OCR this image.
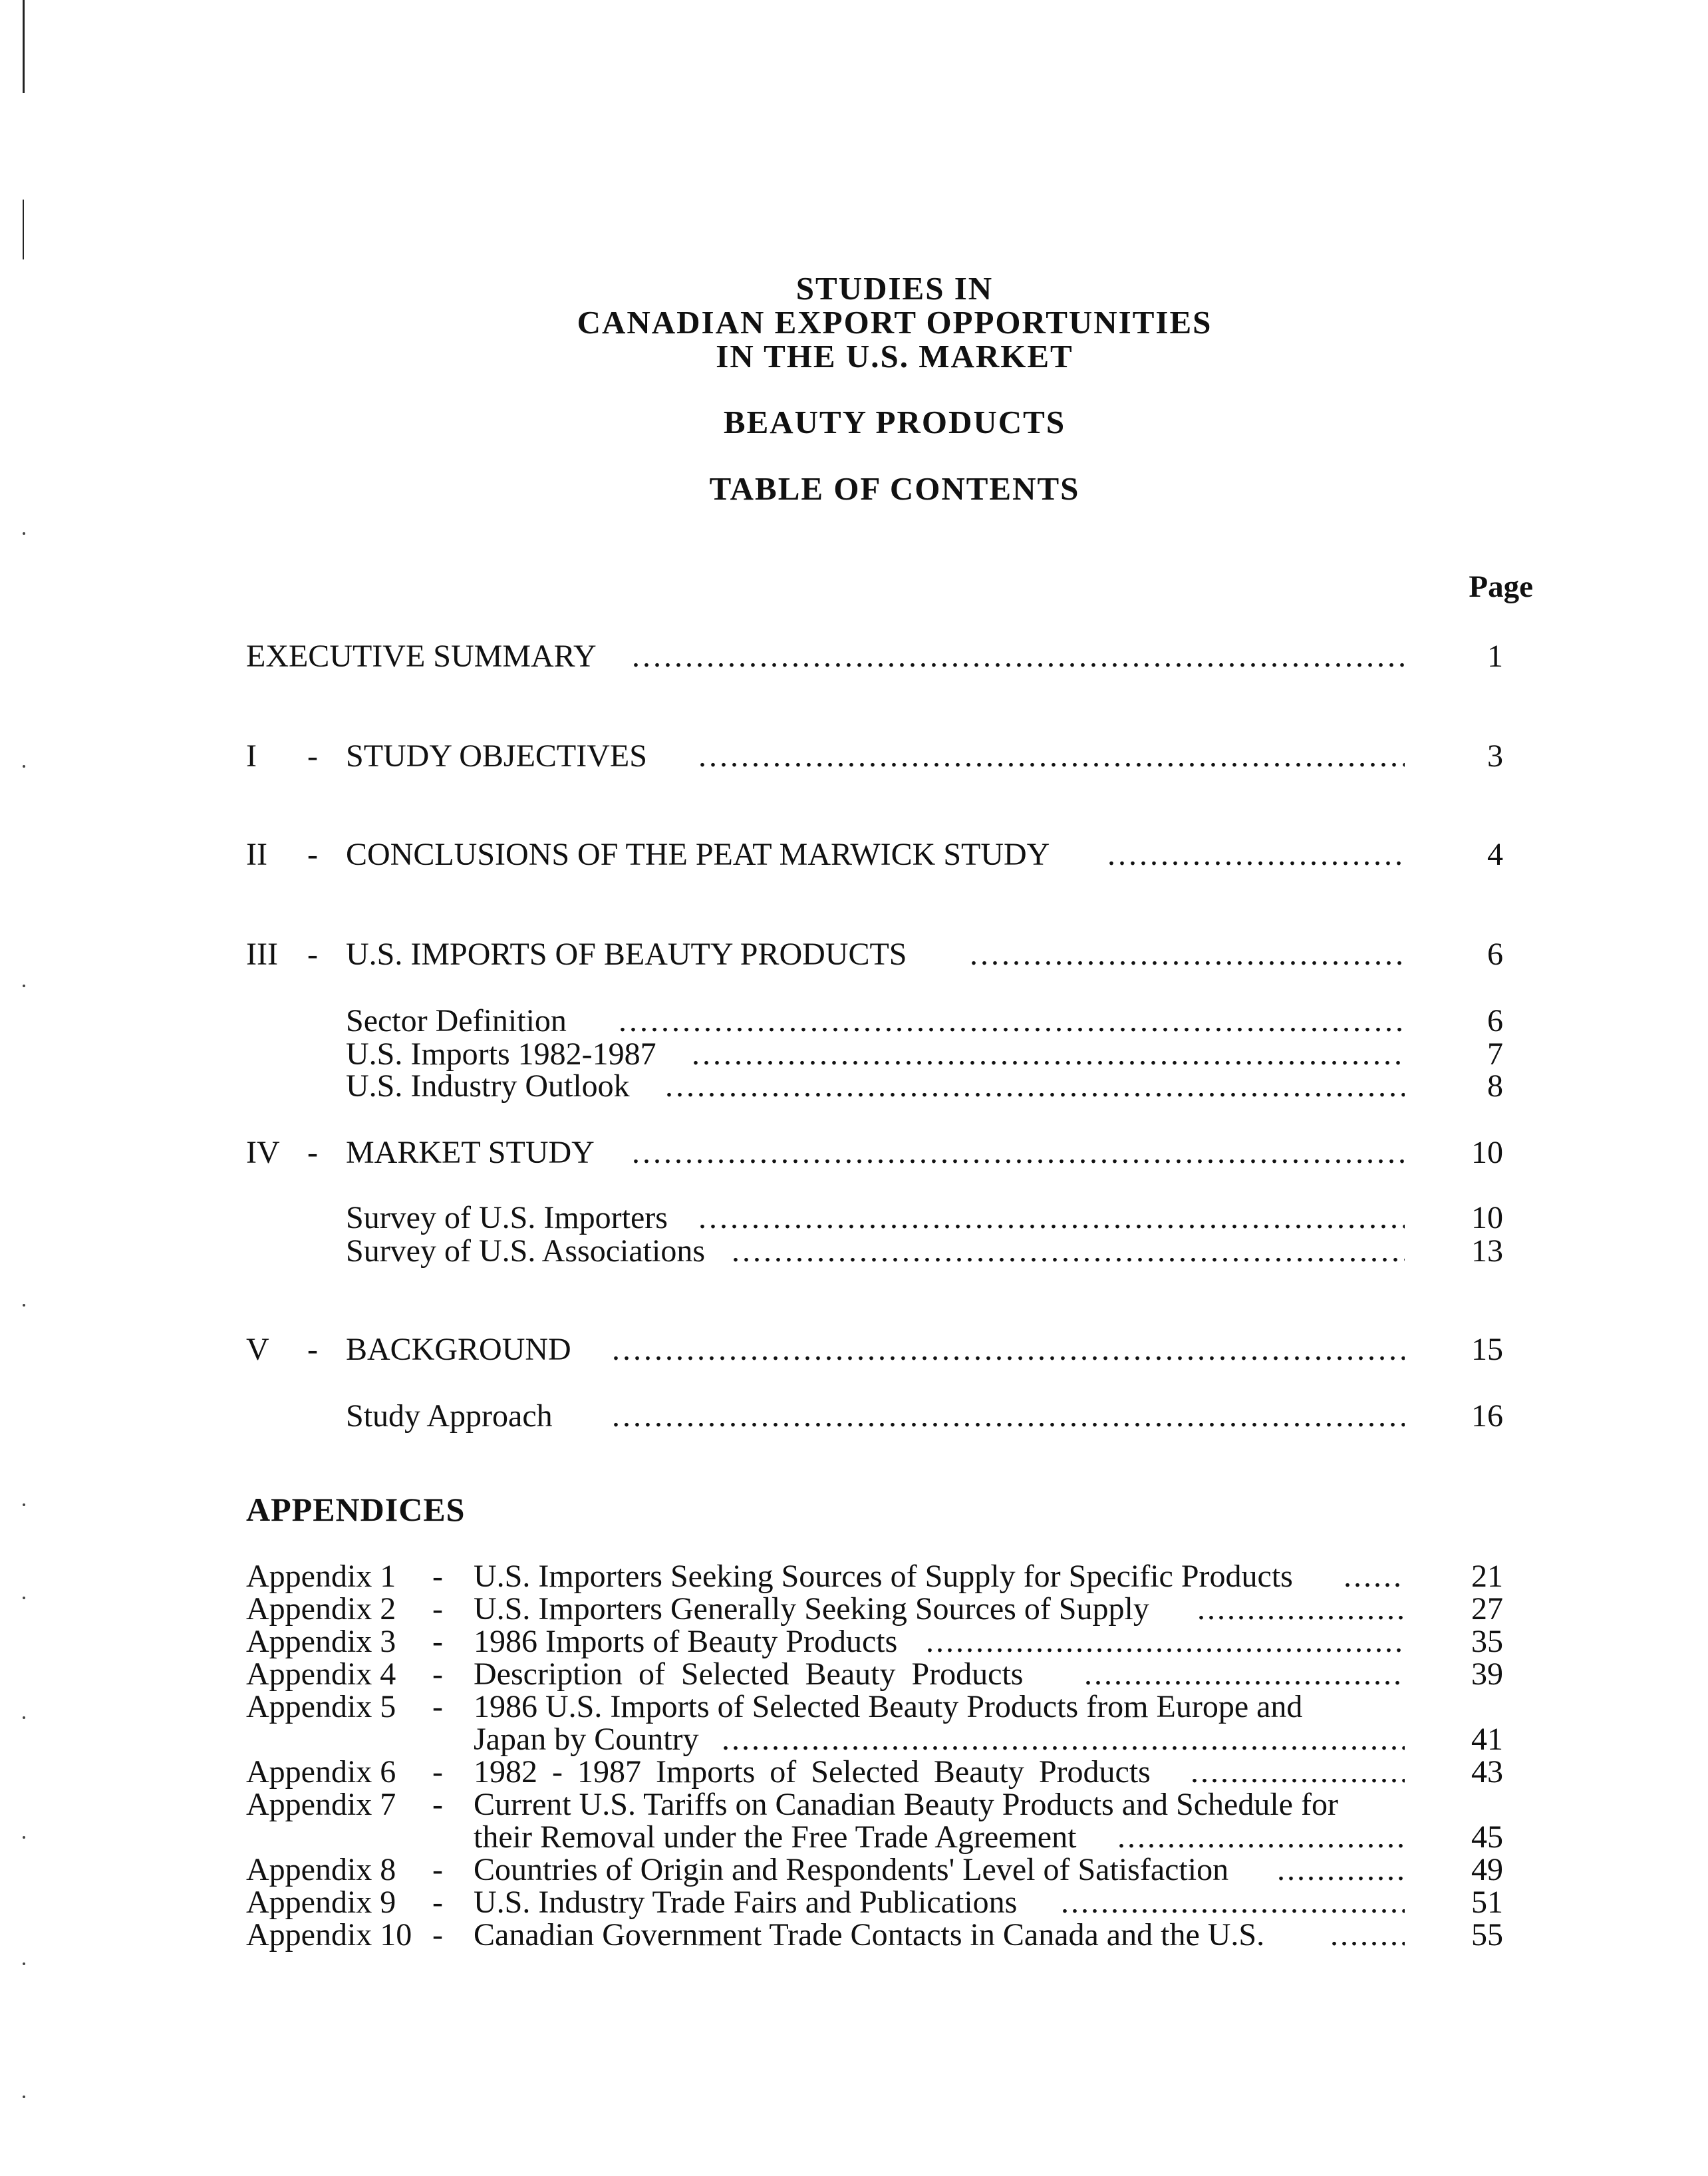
STUDIES IN
CANADIAN EXPORT OPPORTUNITIES
IN THE U.S. MARKET
BEAUTY PRODUCTS
TABLE OF CONTENTS
Page
EXECUTIVE SUMMARY .....	1
I - STUDY OBJECTIVES .....	3
II - CONCLUSIONS OF THE PEAT MARWICK STUDY .....	4
III - U.S. IMPORTS OF BEAUTY PRODUCTS .....	6
Sector Definition .....	6
U.S. Imports 1982-1987 .....	7
U.S. Industry Outlook .....	8
IV - MARKET STUDY .....	10
Survey of U.S. Importers .....	10
Survey of U.S. Associations .....	13
V - BACKGROUND .....	15
Study Approach .....	16
APPENDICES
Appendix 1 - U.S. Importers Seeking Sources of Supply for Specific Products .....	21
Appendix 2 - U.S. Importers Generally Seeking Sources of Supply .....	27
Appendix 3 - 1986 Imports of Beauty Products .....	35
Appendix 4 - Description of Selected Beauty Products .....	39
Appendix 5 - 1986 U.S. Imports of Selected Beauty Products from Europe and
Japan by Country .....	41
Appendix 6 - 1982 - 1987 Imports of Selected Beauty Products .....	43
Appendix 7 - Current U.S. Tariffs on Canadian Beauty Products and Schedule for
their Removal under the Free Trade Agreement .....	45
Appendix 8 - Countries of Origin and Respondents' Level of Satisfaction .....	49
Appendix 9 - U.S. Industry Trade Fairs and Publications .....	51
Appendix 10 - Canadian Government Trade Contacts in Canada and the U.S. .....	55
